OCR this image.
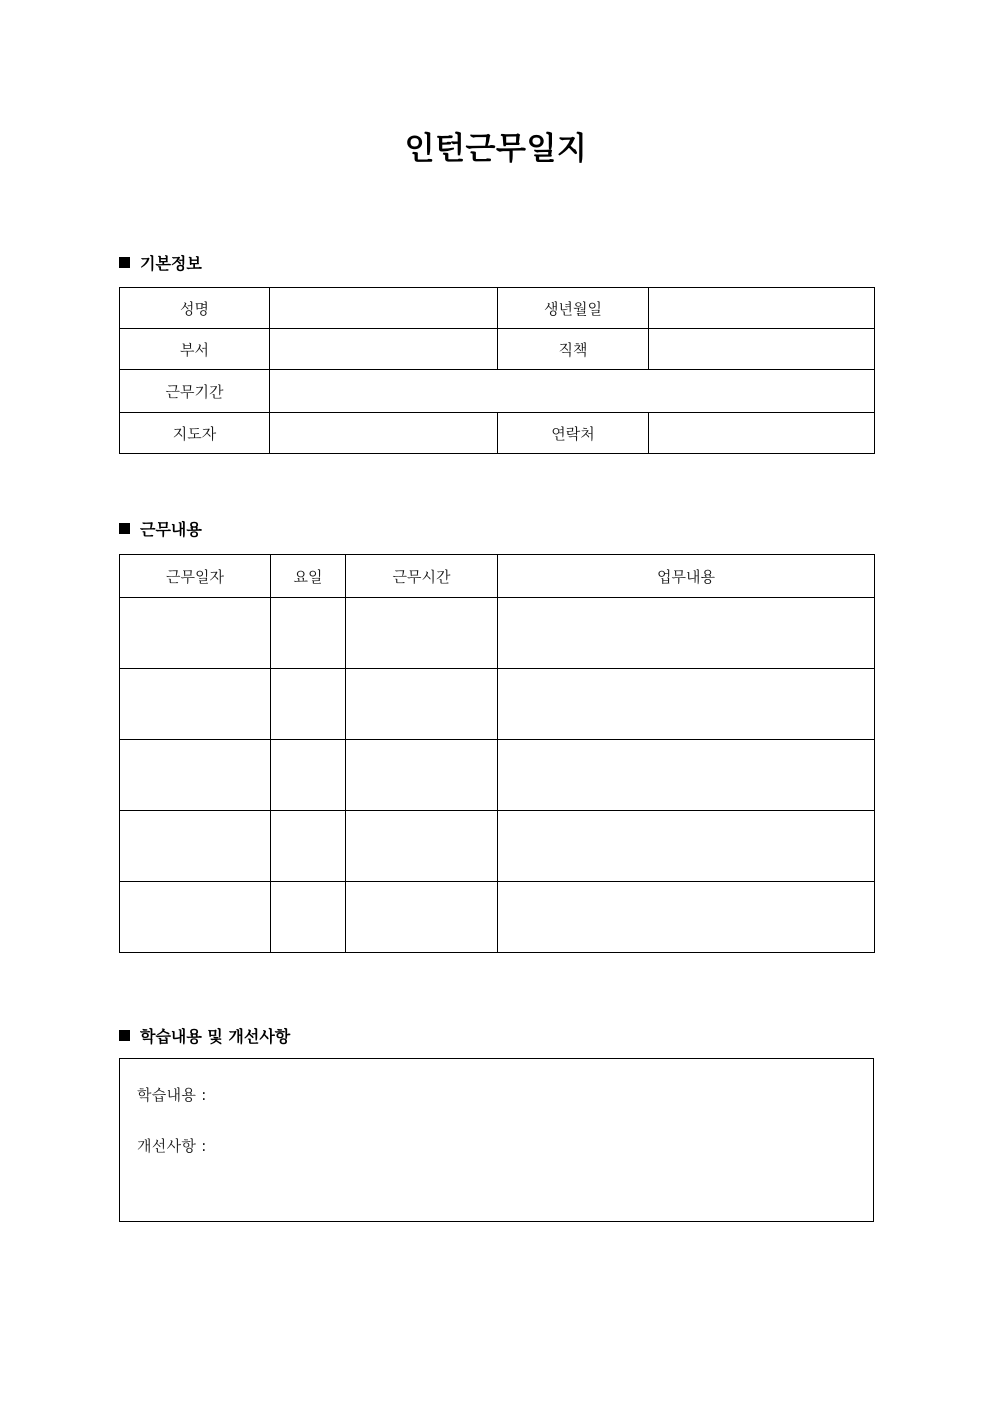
인턴근무일지
기본정보
성명		생년월일	
부서		직책	
근무기간			
지도자		연락처	
근무내용
근무일자	요일	근무시간	업무내용

학습내용 및 개선사항
학습내용 :
개선사항 :
